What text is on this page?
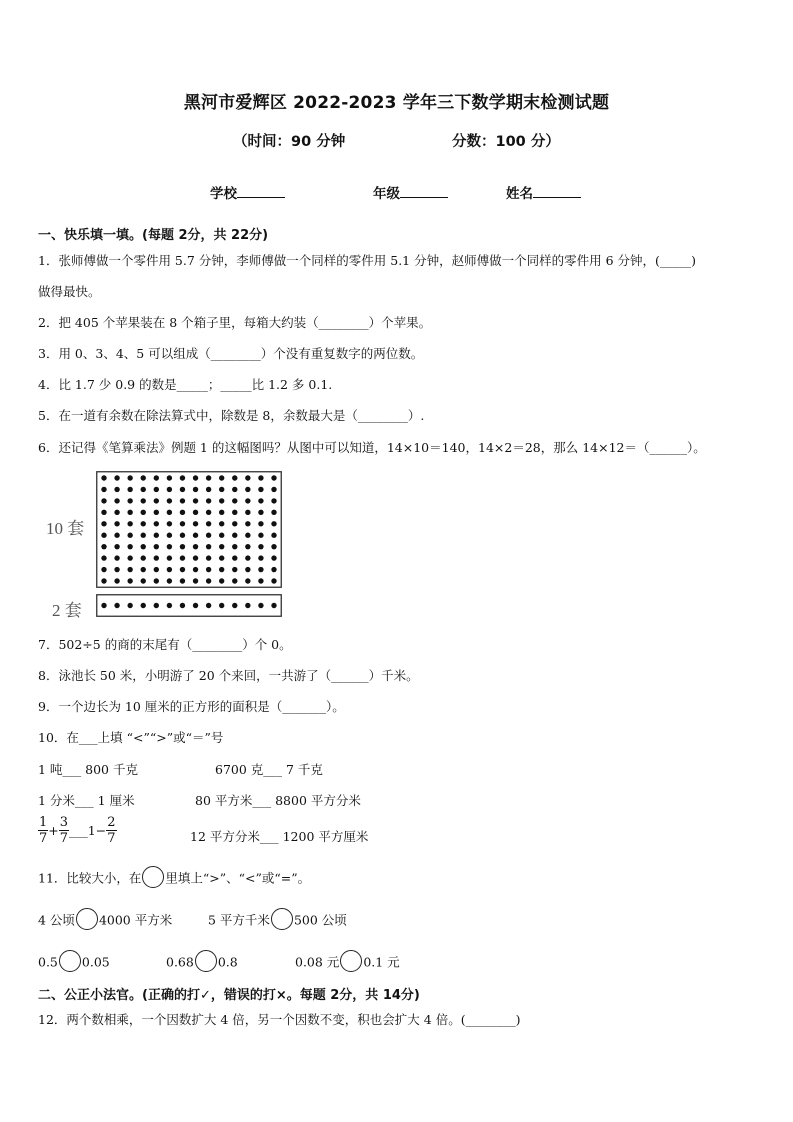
黑河市爱辉区 2022-2023 学年三下数学期末检测试题
（时间：90 分钟	分数：100 分）
学校	年级	姓名
一、快乐填一填。(每题 2分，共 22分)
1．张师傅做一个零件用 5.7 分钟，李师傅做一个同样的零件用 5.1 分钟，赵师傅做一个同样的零件用 6 分钟，(_____)
做得最快。
2．把 405 个苹果装在 8 个箱子里，每箱大约装（________）个苹果。
3．用 0、3、4、5 可以组成（________）个没有重复数字的两位数。
4．比 1.7 少 0.9 的数是_____；_____比 1.2 多 0.1.
5．在一道有余数在除法算式中，除数是 8，余数最大是（________）.
6．还记得《笔算乘法》例题 1 的这幅图吗？从图中可以知道，14×10＝140，14×2＝28，那么 14×12＝（______）。
10 套
2 套
7．502÷5 的商的末尾有（________）个 0。
8．泳池长 50 米，小明游了 20 个来回，一共游了（______）千米。
9．一个边长为 10 厘米的正方形的面积是（_______）。
10．在___上填 “<”“>”或“＝”号
1 吨___ 800 千克	6700 克___ 7 千克
1 分米___ 1 厘米	80 平方米___ 8800 平方分米
$\frac{1}{7} + \frac{3}{7}$ ___1− $\frac{2}{7}$	12 平方分米___ 1200 平方厘米
11．比较大小，在 里填上“>”、“<”或“=”。
4 公顷 4000 平方米	5 平方千米 500 公顷
0.5 0.05	0.68 0.8	0.08 元 0.1 元
二、公正小法官。(正确的打✓，错误的打×。每题 2分，共 14分)
12．两个数相乘，一个因数扩大 4 倍，另一个因数不变，积也会扩大 4 倍。(________)
